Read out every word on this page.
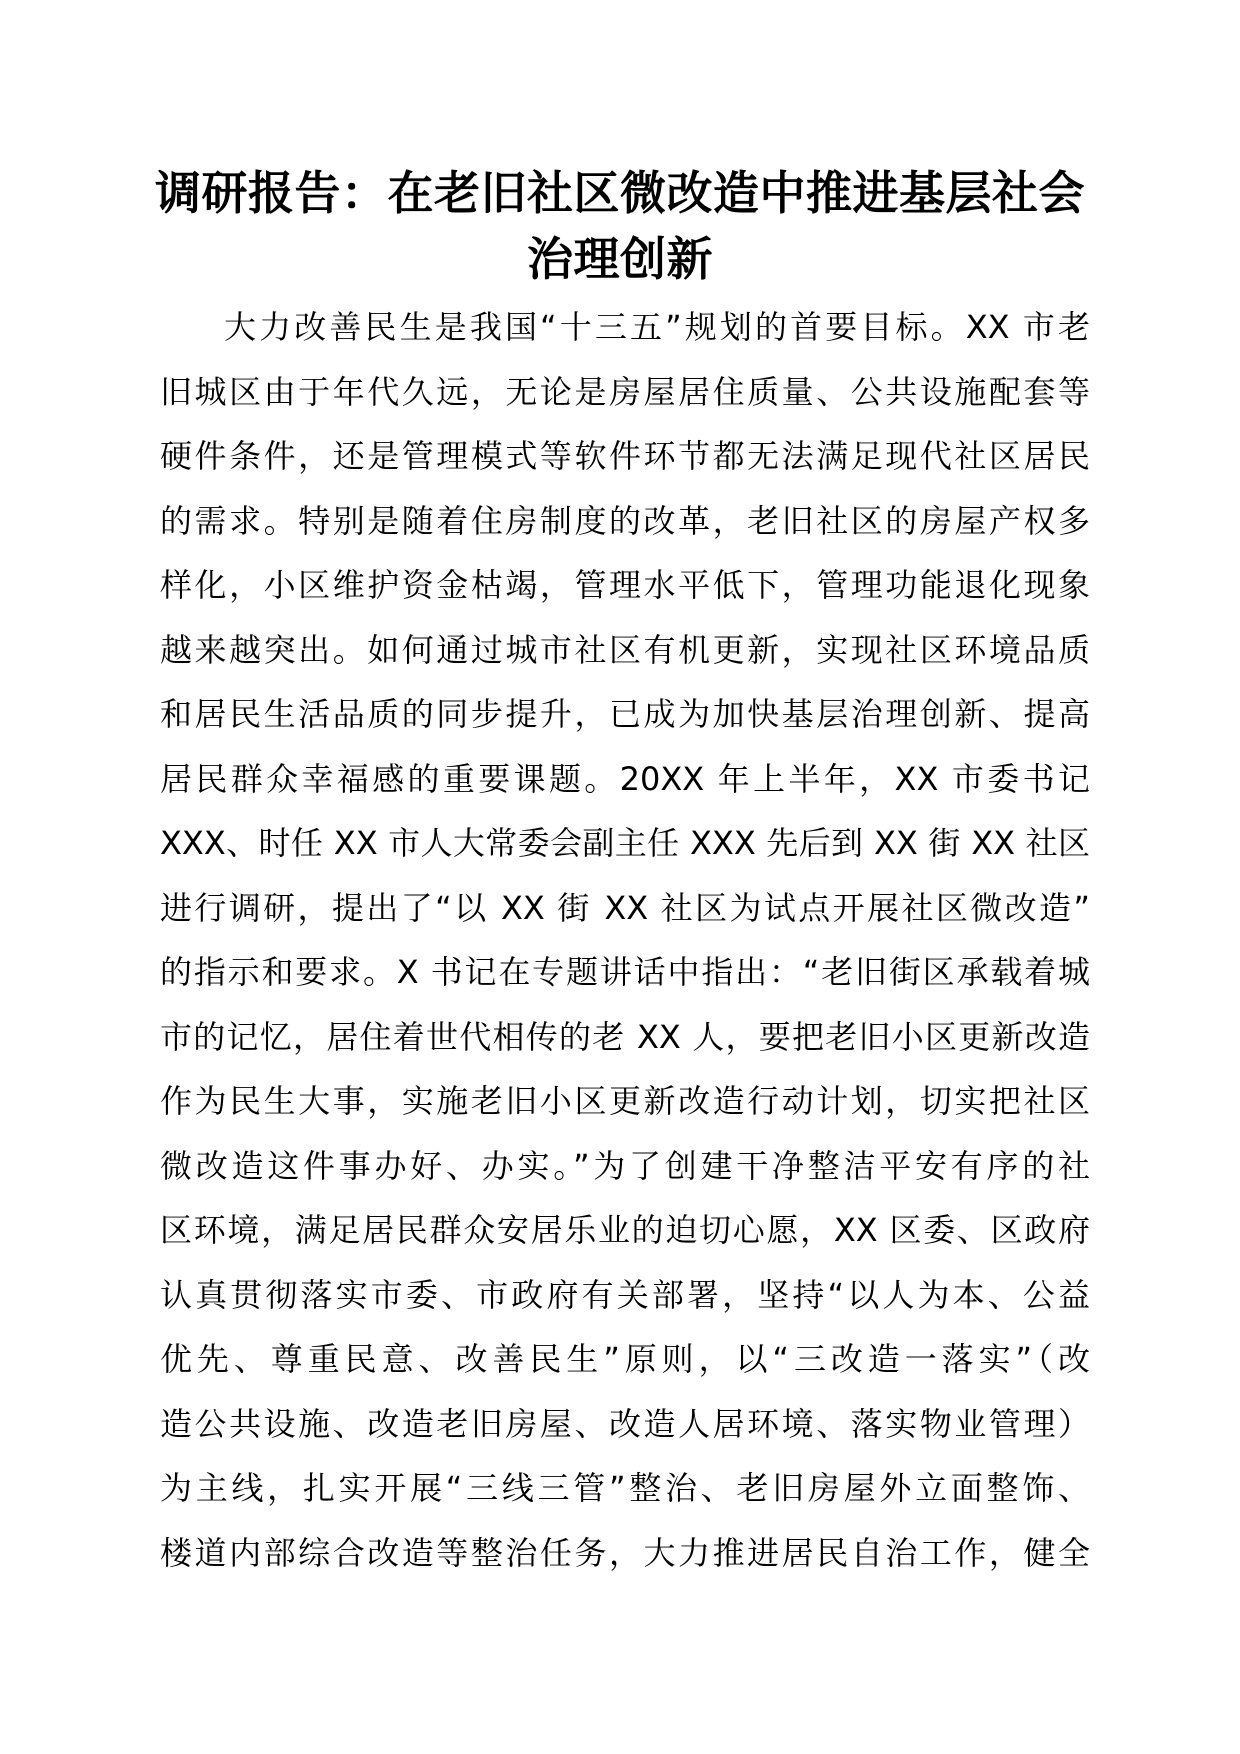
调研报告：在老旧社区微改造中推进基层社会
治理创新
大力改善民生是我国“十三五”规划的首要目标。XX 市老
旧城区由于年代久远，无论是房屋居住质量、公共设施配套等
硬件条件，还是管理模式等软件环节都无法满足现代社区居民
的需求。特别是随着住房制度的改革，老旧社区的房屋产权多
样化，小区维护资金枯竭，管理水平低下，管理功能退化现象
越来越突出。如何通过城市社区有机更新，实现社区环境品质
和居民生活品质的同步提升，已成为加快基层治理创新、提高
居民群众幸福感的重要课题。20XX 年上半年，XX 市委书记
XXX、时任 XX 市人大常委会副主任 XXX 先后到 XX 街 XX 社区
进行调研，提出了“以 XX 街 XX 社区为试点开展社区微改造”
的指示和要求。X 书记在专题讲话中指出：“老旧街区承载着城
市的记忆，居住着世代相传的老 XX 人，要把老旧小区更新改造
作为民生大事，实施老旧小区更新改造行动计划，切实把社区
微改造这件事办好、办实。”为了创建干净整洁平安有序的社
区环境，满足居民群众安居乐业的迫切心愿，XX 区委、区政府
认真贯彻落实市委、市政府有关部署，坚持“以人为本、公益
优先、尊重民意、改善民生”原则，以“三改造一落实”（改
造公共设施、改造老旧房屋、改造人居环境、落实物业管理）
为主线，扎实开展“三线三管”整治、老旧房屋外立面整饰、
楼道内部综合改造等整治任务，大力推进居民自治工作，健全
